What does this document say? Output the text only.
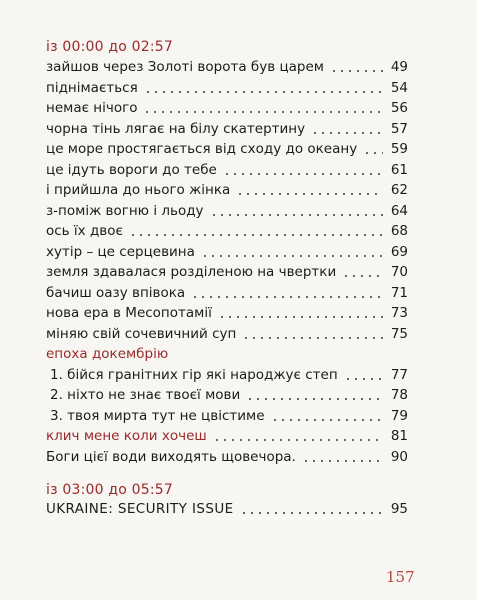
із 00:00 до 02:57
зайшов через Золоті ворота був царем	49
піднімається	54
немає нічого	56
чорна тінь лягає на білу скатертину	57
це море простягається від сходу до океану 59
це ідуть вороги до тебе	61
і прийшла до нього жінка	62
з-поміж вогню і льоду	64
ось їх двоє	68
хутір – це серцевина	69
земля здавалася розділеною на чвертки	70
бачиш оазу впівока	71
нова ера в Месопотамії	73
міняю свій сочевичний суп	75
епоха докембрію
1. бійся гранітних гір які народжує степ	77
2. ніхто не знає твоєї мови	78
3. твоя миртa тут не цвістиме	79
клич мене коли хочеш	81
Боги цієї води виходять щовечора.	90
із 03:00 до 05:57
UKRAINE: SECURITY ISSUE	95
157
